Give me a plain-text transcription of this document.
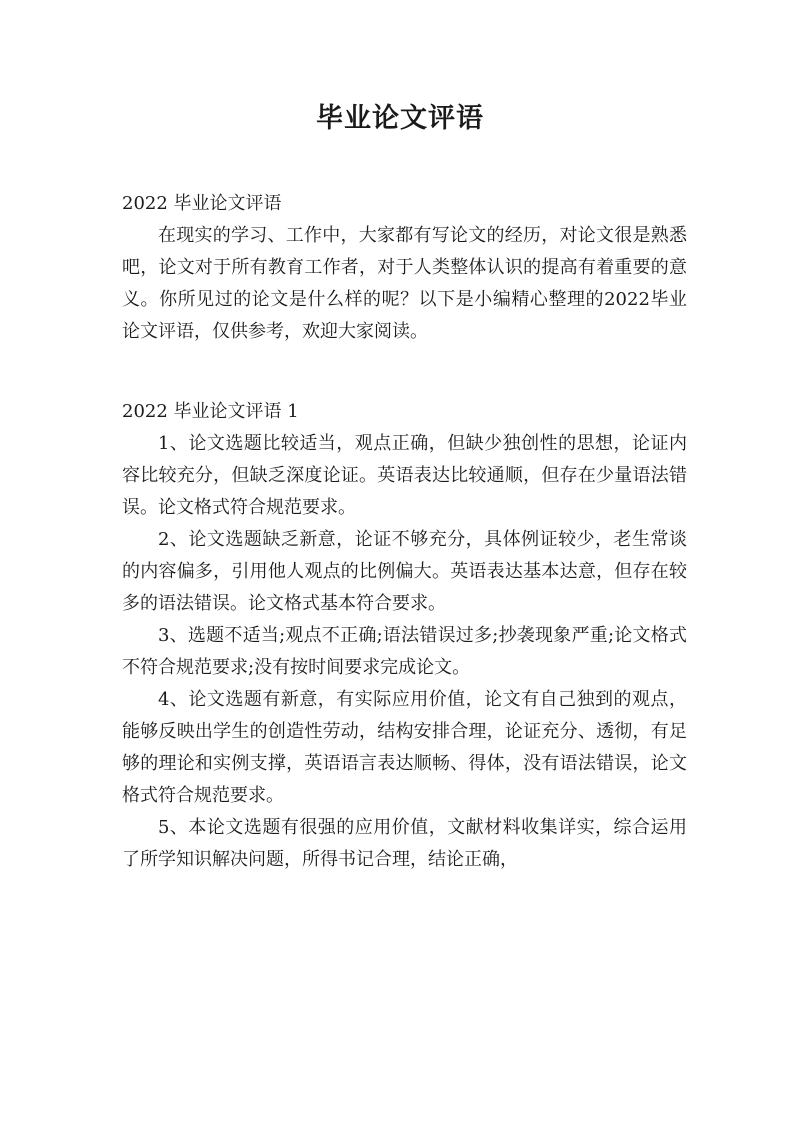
毕业论文评语

2022 毕业论文评语

在现实的学习、工作中，大家都有写论文的经历，对论文很是熟悉吧，论文对于所有教育工作者，对于人类整体认识的提高有着重要的意义。你所见过的论文是什么样的呢？以下是小编精心整理的2022毕业论文评语，仅供参考，欢迎大家阅读。

2022 毕业论文评语 1

1、论文选题比较适当，观点正确，但缺少独创性的思想，论证内容比较充分，但缺乏深度论证。英语表达比较通顺，但存在少量语法错误。论文格式符合规范要求。

2、论文选题缺乏新意，论证不够充分，具体例证较少，老生常谈的内容偏多，引用他人观点的比例偏大。英语表达基本达意，但存在较多的语法错误。论文格式基本符合要求。

3、选题不适当;观点不正确;语法错误过多;抄袭现象严重;论文格式不符合规范要求;没有按时间要求完成论文。

4、论文选题有新意，有实际应用价值，论文有自己独到的观点，能够反映出学生的创造性劳动，结构安排合理，论证充分、透彻，有足够的理论和实例支撑，英语语言表达顺畅、得体，没有语法错误，论文格式符合规范要求。

5、本论文选题有很强的应用价值，文献材料收集详实，综合运用了所学知识解决问题，所得书记合理，结论正确，
